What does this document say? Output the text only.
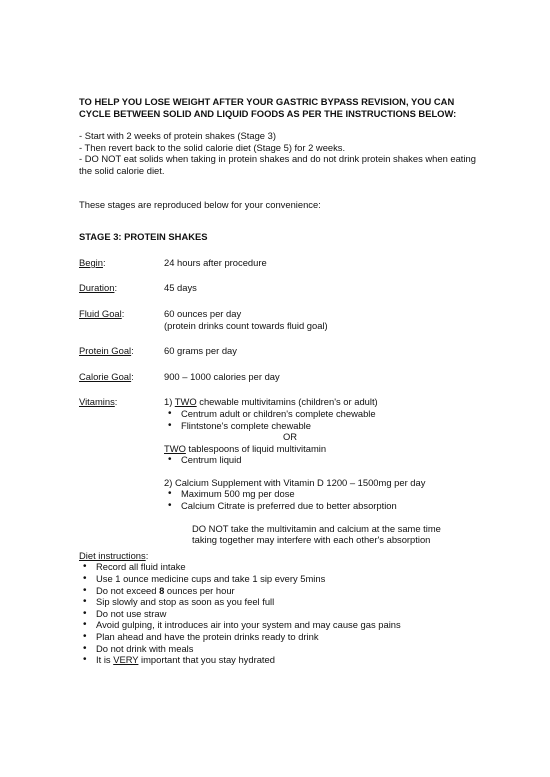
TO HELP YOU LOSE WEIGHT AFTER YOUR GASTRIC BYPASS REVISION, YOU CAN CYCLE BETWEEN SOLID AND LIQUID FOODS AS PER THE INSTRUCTIONS BELOW:

- Start with 2 weeks of protein shakes (Stage 3)

- Then revert back to the solid calorie diet (Stage 5) for 2 weeks.

- DO NOT eat solids when taking in protein shakes and do not drink protein shakes when eating the solid calorie diet.

These stages are reproduced below for your convenience:

STAGE 3: PROTEIN SHAKES

Begin:	24 hours after procedure
Duration:	45 days
Fluid Goal:	60 ounces per day
(protein drinks count towards fluid goal)
Protein Goal:	60 grams per day
Calorie Goal:	900 – 1000 calories per day
Vitamins:	1) TWO chewable multivitamins (children's or adult)
• Centrum adult or children's complete chewable
• Flintstone's complete chewable
OR
TWO tablespoons of liquid multivitamin
• Centrum liquid
2) Calcium Supplement with Vitamin D 1200 – 1500mg per day
• Maximum 500 mg per dose
• Calcium Citrate is preferred due to better absorption
DO NOT take the multivitamin and calcium at the same time
taking together may interfere with each other's absorption
Diet instructions:
• Record all fluid intake
• Use 1 ounce medicine cups and take 1 sip every 5mins
• Do not exceed 8 ounces per hour
• Sip slowly and stop as soon as you feel full
• Do not use straw
• Avoid gulping, it introduces air into your system and may cause gas pains
• Plan ahead and have the protein drinks ready to drink
• Do not drink with meals
• It is VERY important that you stay hydrated
